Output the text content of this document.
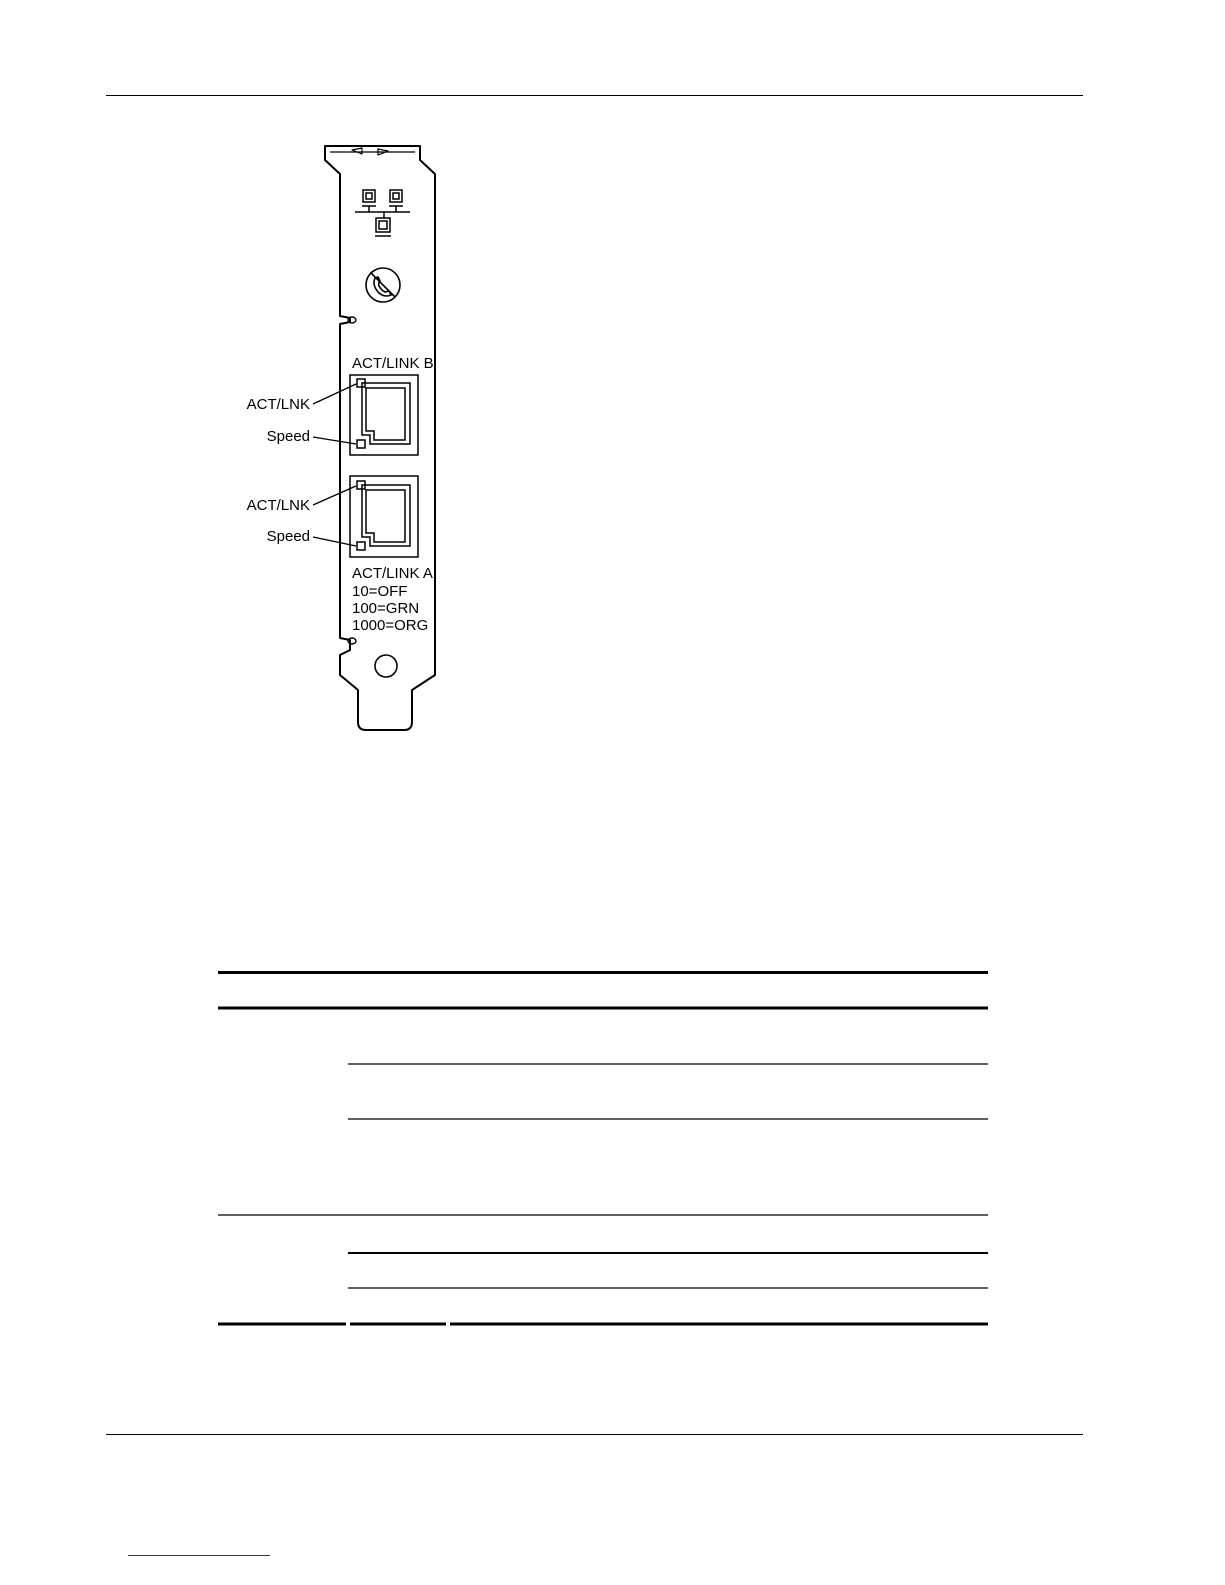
ACT/LNK
Speed
ACT/LNK
Speed
ACT/LINK B
ACT/LINK A
10=OFF
100=GRN
1000=ORG
